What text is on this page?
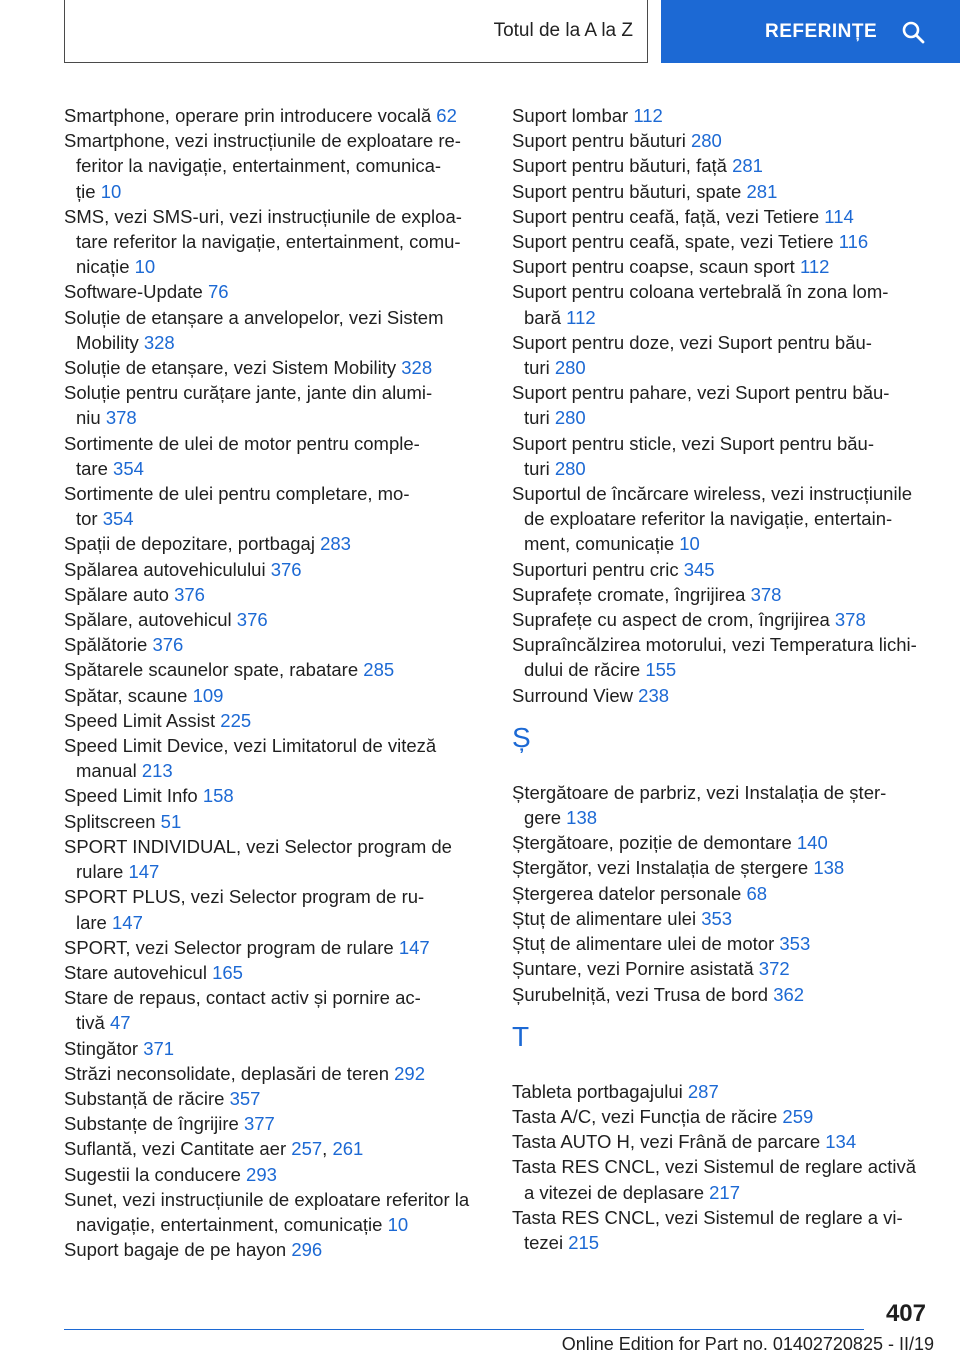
Totul de la A la Z	REFERINȚE
Smartphone, operare prin introducere vocală 62
Smartphone, vezi instrucțiunile de exploatare re-
feritor la navigație, entertainment, comunica-
ție 10
SMS, vezi SMS-uri, vezi instrucțiunile de exploa-
tare referitor la navigație, entertainment, comu-
nicație 10
Software-Update 76
Soluție de etanșare a anvelopelor, vezi Sistem
Mobility 328
Soluție de etanșare, vezi Sistem Mobility 328
Soluție pentru curățare jante, jante din alumi-
niu 378
Sortimente de ulei de motor pentru comple-
tare 354
Sortimente de ulei pentru completare, mo-
tor 354
Spații de depozitare, portbagaj 283
Spălarea autovehiculului 376
Spălare auto 376
Spălare, autovehicul 376
Spălătorie 376
Spătarele scaunelor spate, rabatare 285
Spătar, scaune 109
Speed Limit Assist 225
Speed Limit Device, vezi Limitatorul de viteză
manual 213
Speed Limit Info 158
Splitscreen 51
SPORT INDIVIDUAL, vezi Selector program de
rulare 147
SPORT PLUS, vezi Selector program de ru-
lare 147
SPORT, vezi Selector program de rulare 147
Stare autovehicul 165
Stare de repaus, contact activ și pornire ac-
tivă 47
Stingător 371
Străzi neconsolidate, deplasări de teren 292
Substanță de răcire 357
Substanțe de îngrijire 377
Suflantă, vezi Cantitate aer 257, 261
Sugestii la conducere 293
Sunet, vezi instrucțiunile de exploatare referitor la
navigație, entertainment, comunicație 10
Suport bagaje de pe hayon 296
Suport lombar 112
Suport pentru băuturi 280
Suport pentru băuturi, față 281
Suport pentru băuturi, spate 281
Suport pentru ceafă, față, vezi Tetiere 114
Suport pentru ceafă, spate, vezi Tetiere 116
Suport pentru coapse, scaun sport 112
Suport pentru coloana vertebrală în zona lom-
bară 112
Suport pentru doze, vezi Suport pentru bău-
turi 280
Suport pentru pahare, vezi Suport pentru bău-
turi 280
Suport pentru sticle, vezi Suport pentru bău-
turi 280
Suportul de încărcare wireless, vezi instrucțiunile
de exploatare referitor la navigație, entertain-
ment, comunicație 10
Suporturi pentru cric 345
Suprafețe cromate, îngrijirea 378
Suprafețe cu aspect de crom, îngrijirea 378
Supraîncălzirea motorului, vezi Temperatura lichi-
dului de răcire 155
Surround View 238
Ș
Ștergătoare de parbriz, vezi Instalația de șter-
gere 138
Ștergătoare, poziție de demontare 140
Ștergător, vezi Instalația de ștergere 138
Ștergerea datelor personale 68
Ștuț de alimentare ulei 353
Ștuț de alimentare ulei de motor 353
Șuntare, vezi Pornire asistată 372
Șurubelniță, vezi Trusa de bord 362
T
Tableta portbagajului 287
Tasta A/C, vezi Funcția de răcire 259
Tasta AUTO H, vezi Frână de parcare 134
Tasta RES CNCL, vezi Sistemul de reglare activă
a vitezei de deplasare 217
Tasta RES CNCL, vezi Sistemul de reglare a vi-
tezei 215
407
Online Edition for Part no. 01402720825 - II/19
